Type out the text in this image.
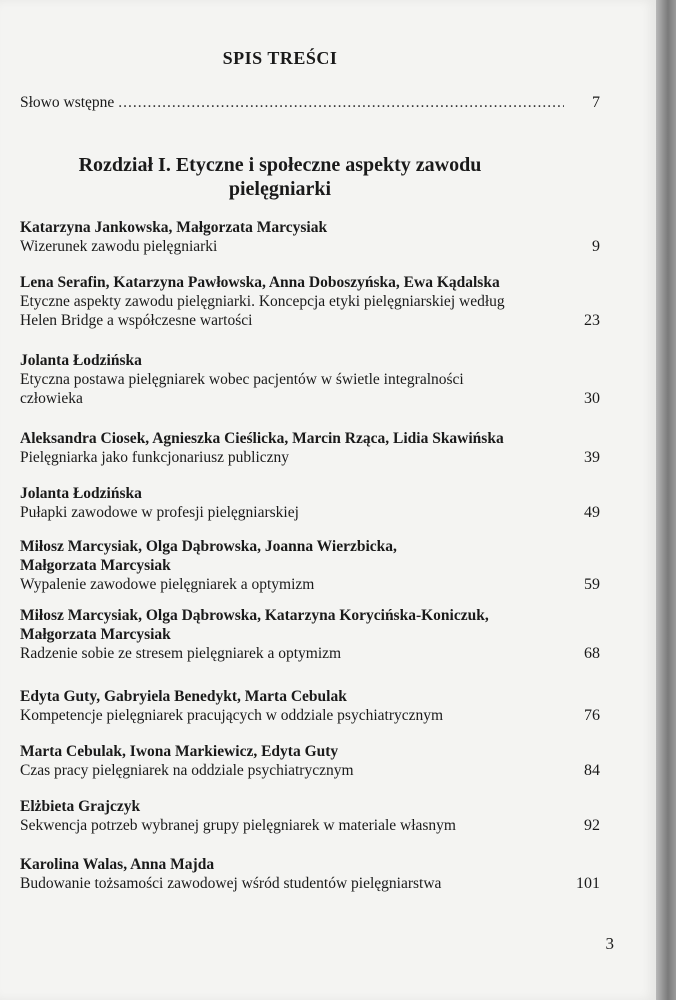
SPIS TREŚCI
Słowo wstępne .....	7
Rozdział I. Etyczne i społeczne aspekty zawodu
pielęgniarki
Katarzyna Jankowska, Małgorzata Marcysiak
Wizerunek zawodu pielęgniarki	9
Lena Serafin, Katarzyna Pawłowska, Anna Doboszyńska, Ewa Kądalska
Etyczne aspekty zawodu pielęgniarki. Koncepcja etyki pielęgniarskiej według
Helen Bridge a współczesne wartości	23
Jolanta Łodzińska
Etyczna postawa pielęgniarek wobec pacjentów w świetle integralności
człowieka	30
Aleksandra Ciosek, Agnieszka Cieślicka, Marcin Rząca, Lidia Skawińska
Pielęgniarka jako funkcjonariusz publiczny	39
Jolanta Łodzińska
Pułapki zawodowe w profesji pielęgniarskiej	49
Miłosz Marcysiak, Olga Dąbrowska, Joanna Wierzbicka,
Małgorzata Marcysiak
Wypalenie zawodowe pielęgniarek a optymizm	59
Miłosz Marcysiak, Olga Dąbrowska, Katarzyna Korycińska-Koniczuk,
Małgorzata Marcysiak
Radzenie sobie ze stresem pielęgniarek a optymizm	68
Edyta Guty, Gabryiela Benedykt, Marta Cebulak
Kompetencje pielęgniarek pracujących w oddziale psychiatrycznym	76
Marta Cebulak, Iwona Markiewicz, Edyta Guty
Czas pracy pielęgniarek na oddziale psychiatrycznym	84
Elżbieta Grajczyk
Sekwencja potrzeb wybranej grupy pielęgniarek w materiale własnym	92
Karolina Walas, Anna Majda
Budowanie tożsamości zawodowej wśród studentów pielęgniarstwa	101
3
